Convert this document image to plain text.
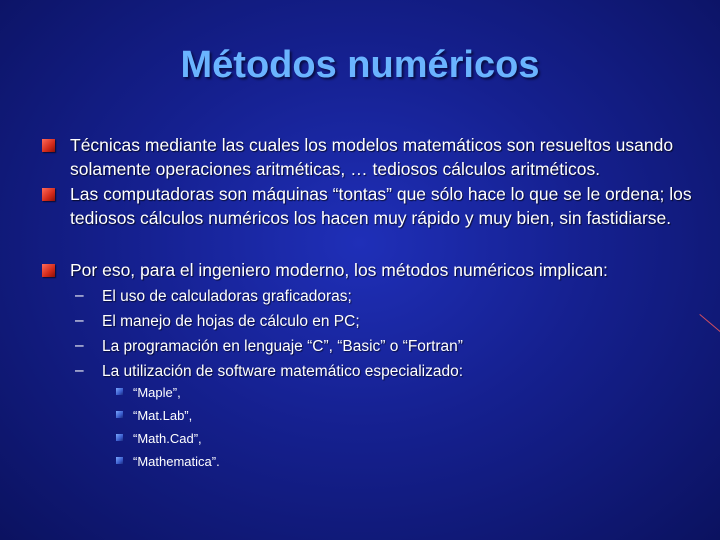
Métodos numéricos
Técnicas mediante las cuales los modelos matemáticos son resueltos usando solamente operaciones aritméticas, … tediosos cálculos aritméticos.
Las computadoras son máquinas “tontas” que sólo hace lo que se le ordena; los tediosos cálculos numéricos los hacen muy rápido y muy bien, sin fastidiarse.
Por eso, para el ingeniero moderno, los métodos numéricos implican:
– El uso de calculadoras graficadoras;
– El manejo de hojas de cálculo en PC;
– La programación en lenguaje “C”, “Basic” o “Fortran”
– La utilización de software matemático especializado:
“Maple”,
“Mat.Lab”,
“Math.Cad”,
“Mathematica”.
